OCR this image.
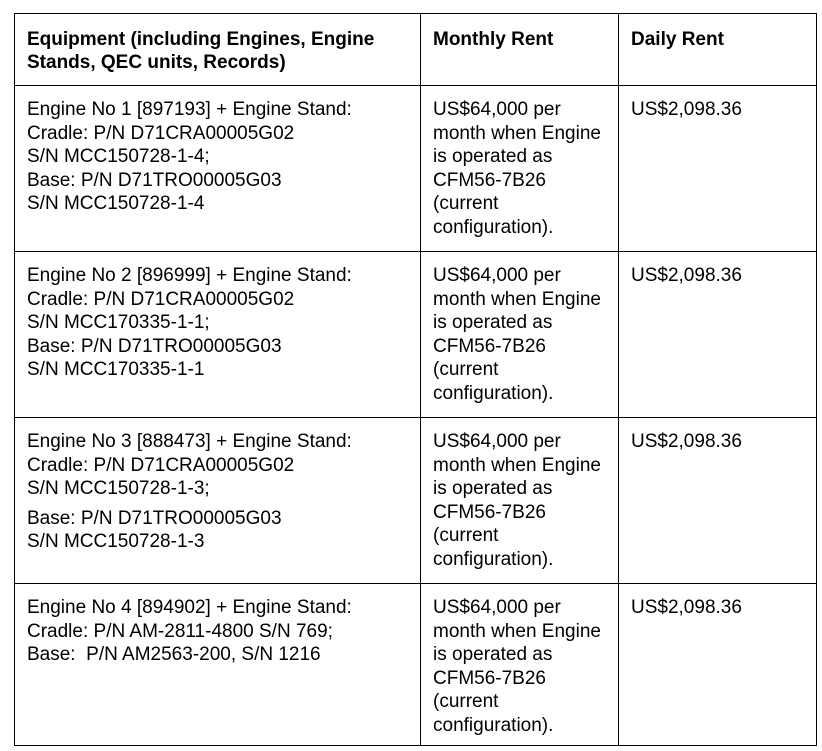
Equipment (including Engines, Engine Stands, QEC units, Records)	Monthly Rent	Daily Rent

Engine No 1 [897193] + Engine Stand:
Cradle: P/N D71CRA00005G02
S/N MCC150728-1-4;
Base: P/N D71TRO00005G03
S/N MCC150728-1-4	US$64,000 per month when Engine is operated as CFM56-7B26 (current configuration).	US$2,098.36

Engine No 2 [896999] + Engine Stand:
Cradle: P/N D71CRA00005G02
S/N MCC170335-1-1;
Base: P/N D71TRO00005G03
S/N MCC170335-1-1	US$64,000 per month when Engine is operated as CFM56-7B26 (current configuration).	US$2,098.36

Engine No 3 [888473] + Engine Stand:
Cradle: P/N D71CRA00005G02
S/N MCC150728-1-3;
Base: P/N D71TRO00005G03
S/N MCC150728-1-3	US$64,000 per month when Engine is operated as CFM56-7B26 (current configuration).	US$2,098.36

Engine No 4 [894902] + Engine Stand:
Cradle: P/N AM-2811-4800 S/N 769;
Base:  P/N AM2563-200, S/N 1216	US$64,000 per month when Engine is operated as CFM56-7B26 (current configuration).	US$2,098.36
